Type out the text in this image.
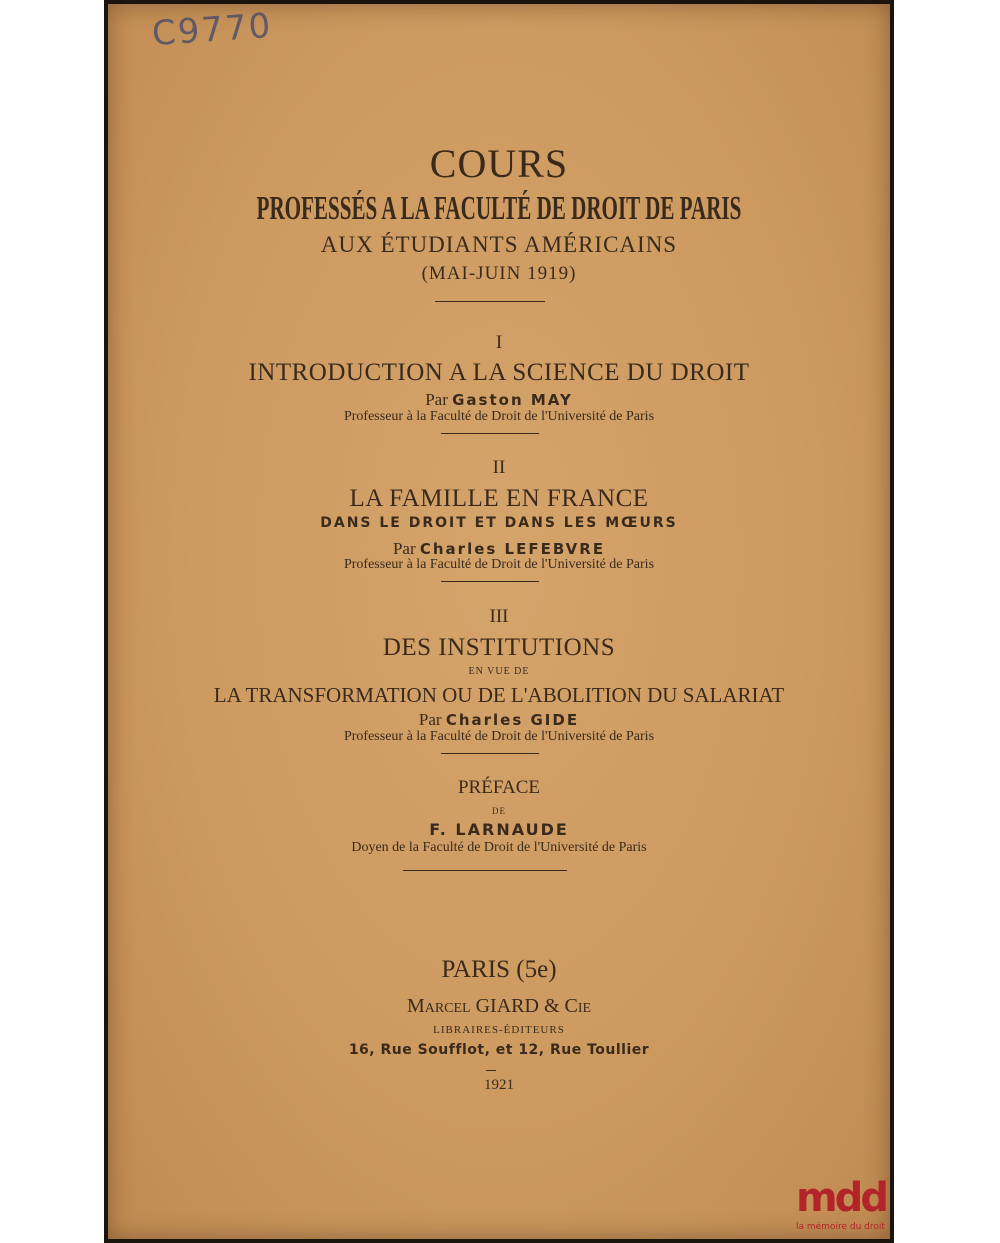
C9770
COURS
PROFESSÉS A LA FACULTÉ DE DROIT DE PARIS
AUX ÉTUDIANTS AMÉRICAINS
(MAI-JUIN 1919)
I
INTRODUCTION A LA SCIENCE DU DROIT
Par Gaston MAY
Professeur à la Faculté de Droit de l'Université de Paris
II
LA FAMILLE EN FRANCE
DANS LE DROIT ET DANS LES MŒURS
Par Charles LEFEBVRE
Professeur à la Faculté de Droit de l'Université de Paris
III
DES INSTITUTIONS
EN VUE DE
LA TRANSFORMATION OU DE L'ABOLITION DU SALARIAT
Par Charles GIDE
Professeur à la Faculté de Droit de l'Université de Paris
PRÉFACE
DE
F. LARNAUDE
Doyen de la Faculté de Droit de l'Université de Paris
PARIS (5e)
Marcel GIARD & Cie
LIBRAIRES-ÉDITEURS
16, Rue Soufflot, et 12, Rue Toullier
1921
mdd
la mémoire du droit
